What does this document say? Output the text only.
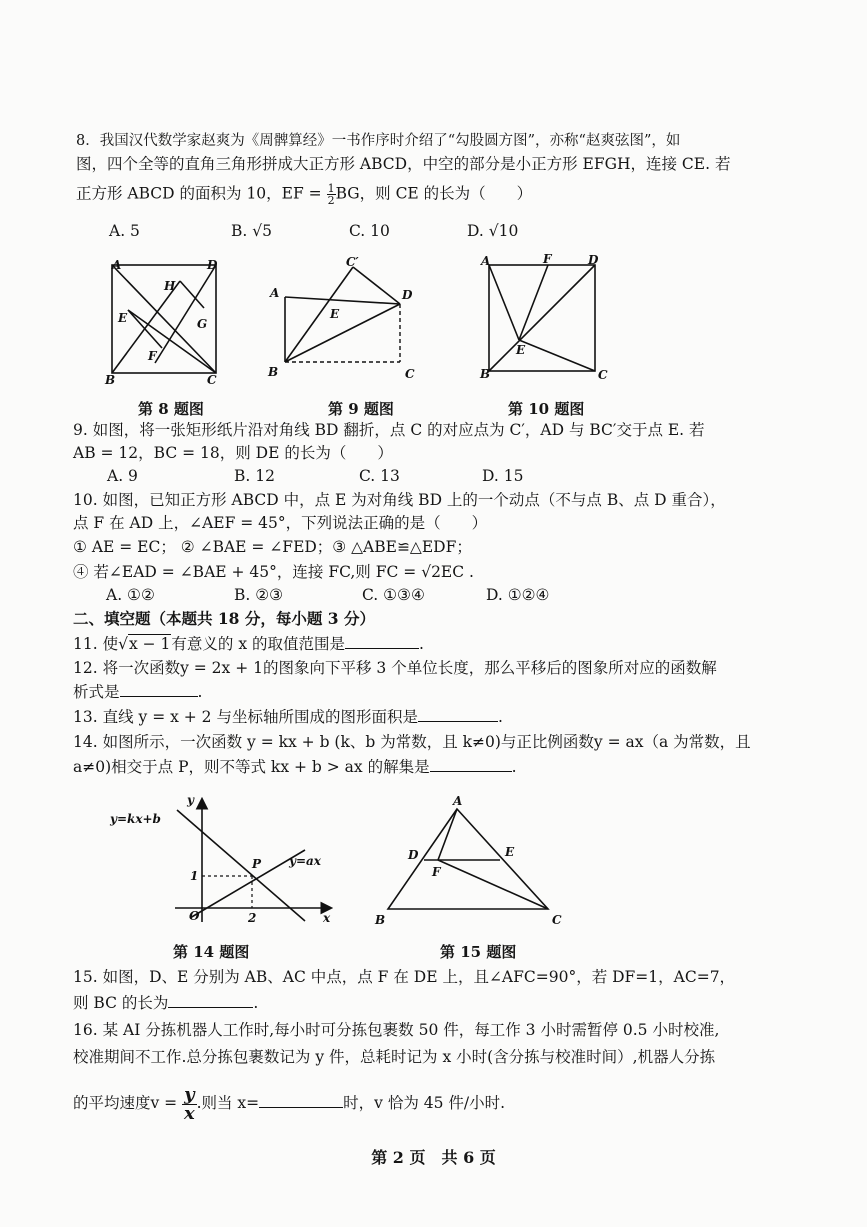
8．我国汉代数学家赵爽为《周髀算经》一书作序时介绍了“勾股圆方图”，亦称“赵爽弦图”，如
图，四个全等的直角三角形拼成大正方形 ABCD，中空的部分是小正方形 EFGH，连接 CE. 若
正方形 ABCD 的面积为 10，EF = $\frac{1}{2}$ BG，则 CE 的长为（　　）
A. 5	B. √5	C. 10	D. √10
A	D
H
E	G
F
B	C
第 8 题图
C′
A	D
E
B	C
第 9 题图
A	F	D
E
B	C
第 10 题图
9. 如图，将一张矩形纸片沿对角线 BD 翻折，点 C 的对应点为 C′，AD 与 BC′交于点 E. 若
AB = 12，BC = 18，则 DE 的长为（　　）
A. 9	B. 12	C. 13	D. 15
10. 如图，已知正方形 ABCD 中，点 E 为对角线 BD 上的一个动点（不与点 B、点 D 重合），
点 F 在 AD 上，∠AEF = 45°，下列说法正确的是（　　）
① AE = EC； ② ∠BAE = ∠FED；③ △ABE≌△EDF；
④ 若∠EAD = ∠BAE + 45°，连接 FC,则 FC = √2EC .
A. ①②	B. ②③	C. ①③④	D. ①②④
二、填空题（本题共 18 分，每小题 3 分）
11. 使√x − 1有意义的 x 的取值范围是	.
12. 将一次函数y = 2x + 1的图象向下平移 3 个单位长度，那么平移后的图象所对应的函数解
析式是	.
13. 直线 y = x + 2 与坐标轴所围成的图形面积是	.
14. 如图所示，一次函数 y = kx + b (k、b 为常数，且 k≠0)与正比例函数y = ax（a 为常数，且
a≠0)相交于点 P，则不等式 kx + b > ax 的解集是	.
y
y=kx+b
P y=ax
1
O	2	x
第 14 题图
A
D	E
F
B	C
第 15 题图
15. 如图，D、E 分别为 AB、AC 中点，点 F 在 DE 上，且∠AFC=90°，若 DF=1，AC=7，
则 BC 的长为	.
16. 某 AI 分拣机器人工作时,每小时可分拣包裹数 50 件，每工作 3 小时需暂停 0.5 小时校准,
校准期间不工作.总分拣包裹数记为 y 件，总耗时记为 x 小时(含分拣与校准时间）,机器人分拣
的平均速度$v = \frac{y}{x}$.则当 x=	时，v 恰为 45 件/小时.
第 2 页　共 6 页
